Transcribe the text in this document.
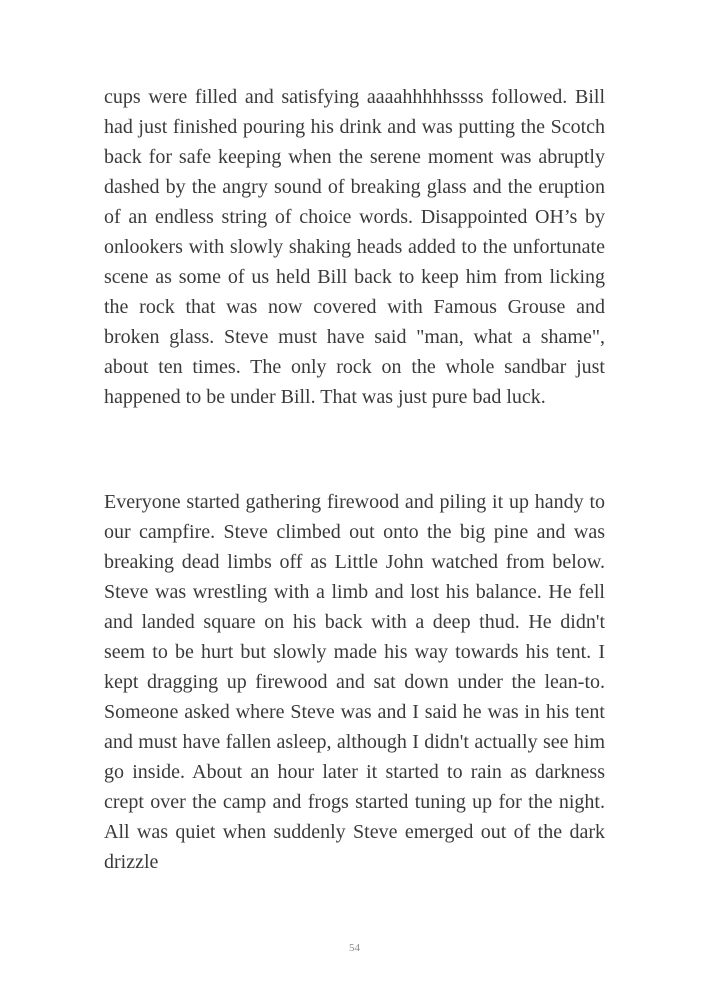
cups were filled and satisfying aaaahhhhhssss followed. Bill had just finished pouring his drink and was putting the Scotch back for safe keeping when the serene moment was abruptly dashed by the angry sound of breaking glass and the eruption of an endless string of choice words. Disappointed OH’s by onlookers with slowly shaking heads added to the unfortunate scene as some of us held Bill back to keep him from licking the rock that was now covered with Famous Grouse and broken glass. Steve must have said "man, what a shame", about ten times. The only rock on the whole sandbar just happened to be under Bill. That was just pure bad luck.

Everyone started gathering firewood and piling it up handy to our campfire. Steve climbed out onto the big pine and was breaking dead limbs off as Little John watched from below. Steve was wrestling with a limb and lost his balance. He fell and landed square on his back with a deep thud. He didn't seem to be hurt but slowly made his way towards his tent. I kept dragging up firewood and sat down under the lean-to. Someone asked where Steve was and I said he was in his tent and must have fallen asleep, although I didn't actually see him go inside. About an hour later it started to rain as darkness crept over the camp and frogs started tuning up for the night. All was quiet when suddenly Steve emerged out of the dark drizzle

54
